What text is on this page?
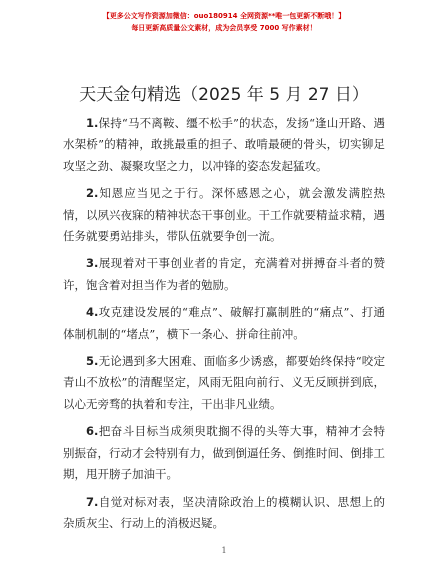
【更多公文写作资源加微信：ouo180914 全网资源**唯一包更新不断哦！】
每日更新高质量公文素材，成为会员享受 7000 写作素材！
天天金句精选（2025 年 5 月 27 日）

1.保持“马不离鞍、缰不松手”的状态，发扬“逢山开路、遇水架桥”的精神，敢挑最重的担子、敢啃最硬的骨头，切实铆足攻坚之劲、凝聚攻坚之力，以冲锋的姿态发起猛攻。

2.知恩应当见之于行。深怀感恩之心，就会激发满腔热情，以夙兴夜寐的精神状态干事创业。干工作就要精益求精，遇任务就要勇站排头，带队伍就要争创一流。

3.展现着对干事创业者的肯定，充满着对拼搏奋斗者的赞许，饱含着对担当作为者的勉励。

4.攻克建设发展的“难点”、破解打赢制胜的“痛点”、打通体制机制的“堵点”，横下一条心、拼命往前冲。

5.无论遇到多大困难、面临多少诱惑，都要始终保持“咬定青山不放松”的清醒坚定，风雨无阻向前行、义无反顾拼到底，以心无旁骛的执着和专注，干出非凡业绩。

6.把奋斗目标当成须臾耽搁不得的头等大事，精神才会特别振奋，行动才会特别有力，做到倒逼任务、倒推时间、倒排工期，甩开膀子加油干。

7.自觉对标对表，坚决清除政治上的模糊认识、思想上的杂质灰尘、行动上的消极迟疑。

1
